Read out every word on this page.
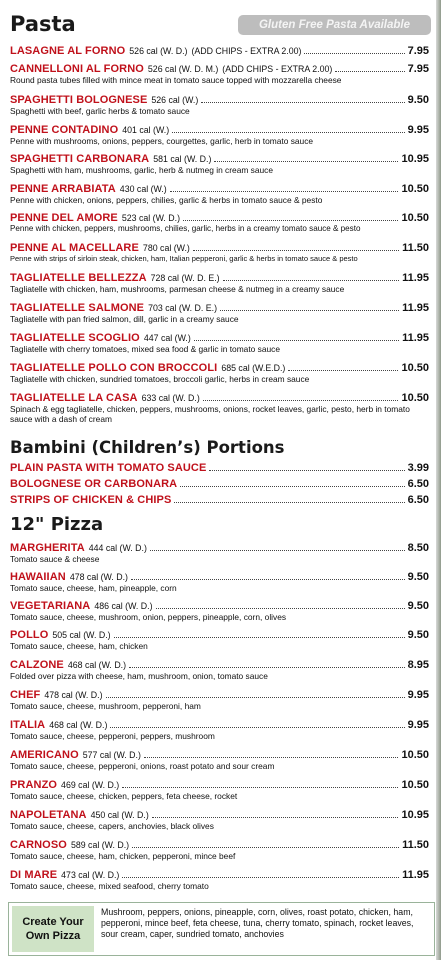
Pasta	Gluten Free Pasta Available
LASAGNE AL FORNO 526 cal (W. D.) (ADD CHIPS - EXTRA 2.00)	7.95
CANNELLONI AL FORNO 526 cal (W. D. M.) (ADD CHIPS - EXTRA 2.00)	7.95
Round pasta tubes filled with mince meat in tomato sauce topped with mozzarella cheese
SPAGHETTI BOLOGNESE 526 cal (W.)	9.50
Spaghetti with beef, garlic herbs & tomato sauce
PENNE CONTADINO 401 cal (W.)	9.95
Penne with mushrooms, onions, peppers, courgettes, garlic, herb in tomato sauce
SPAGHETTI CARBONARA 581 cal (W. D.)	10.95
Spaghetti with ham, mushrooms, garlic, herb & nutmeg in cream sauce
PENNE ARRABIATA 430 cal (W.)	10.50
Penne with chicken, onions, peppers, chilies, garlic & herbs in tomato sauce & pesto
PENNE DEL AMORE 523 cal (W. D.)	10.50
Penne with chicken, peppers, mushrooms, chilies, garlic, herbs in a creamy tomato sauce & pesto
PENNE AL MACELLARE 780 cal (W.)	11.50
Penne with strips of sirloin steak, chicken, ham, Italian pepperoni, garlic & herbs in tomato sauce & pesto
TAGLIATELLE BELLEZZA 728 cal (W. D. E.)	11.95
Tagliatelle with chicken, ham, mushrooms, parmesan cheese & nutmeg in a creamy sauce
TAGLIATELLE SALMONE 703 cal (W. D. E.)	11.95
Tagliatelle with pan fried salmon, dill, garlic in a creamy sauce
TAGLIATELLE SCOGLIO 447 cal (W.)	11.95
Tagliatelle with cherry tomatoes, mixed sea food & garlic in tomato sauce
TAGLIATELLE POLLO CON BROCCOLI 685 cal (W.E.D.)	10.50
Tagliatelle with chicken, sundried tomatoes, broccoli garlic, herbs in cream sauce
TAGLIATELLE LA CASA 633 cal (W. D.)	10.50
Spinach & egg tagliatelle, chicken, peppers, mushrooms, onions, rocket leaves, garlic, pesto, herb in tomato sauce with a dash of cream
Bambini (Children’s) Portions
PLAIN PASTA WITH TOMATO SAUCE	3.99
BOLOGNESE OR CARBONARA	6.50
STRIPS OF CHICKEN & CHIPS	6.50
12" Pizza
MARGHERITA 444 cal (W. D.)	8.50
Tomato sauce & cheese
HAWAIIAN 478 cal (W. D.)	9.50
Tomato sauce, cheese, ham, pineapple, corn
VEGETARIANA 486 cal (W. D.)	9.50
Tomato sauce, cheese, mushroom, onion, peppers, pineapple, corn, olives
POLLO 505 cal (W. D.)	9.50
Tomato sauce, cheese, ham, chicken
CALZONE 468 cal (W. D.)	8.95
Folded over pizza with cheese, ham, mushroom, onion, tomato sauce
CHEF 478 cal (W. D.)	9.95
Tomato sauce, cheese, mushroom, pepperoni, ham
ITALIA 468 cal (W. D.)	9.95
Tomato sauce, cheese, pepperoni, peppers, mushroom
AMERICANO 577 cal (W. D.)	10.50
Tomato sauce, cheese, pepperoni, onions, roast potato and sour cream
PRANZO 469 cal (W. D.)	10.50
Tomato sauce, cheese, chicken, peppers, feta cheese, rocket
NAPOLETANA 450 cal (W. D.)	10.95
Tomato sauce, cheese, capers, anchovies, black olives
CARNOSO 589 cal (W. D.)	11.50
Tomato sauce, cheese, ham, chicken, pepperoni, mince beef
DI MARE 473 cal (W. D.)	11.95
Tomato sauce, cheese, mixed seafood, cherry tomato
Create Your
Own Pizza
Mushroom, peppers, onions, pineapple, corn, olives, roast potato, chicken, ham, pepperoni, mince beef, feta cheese, tuna, cherry tomato, spinach, rocket leaves, sour cream, caper, sundried tomato, anchovies
